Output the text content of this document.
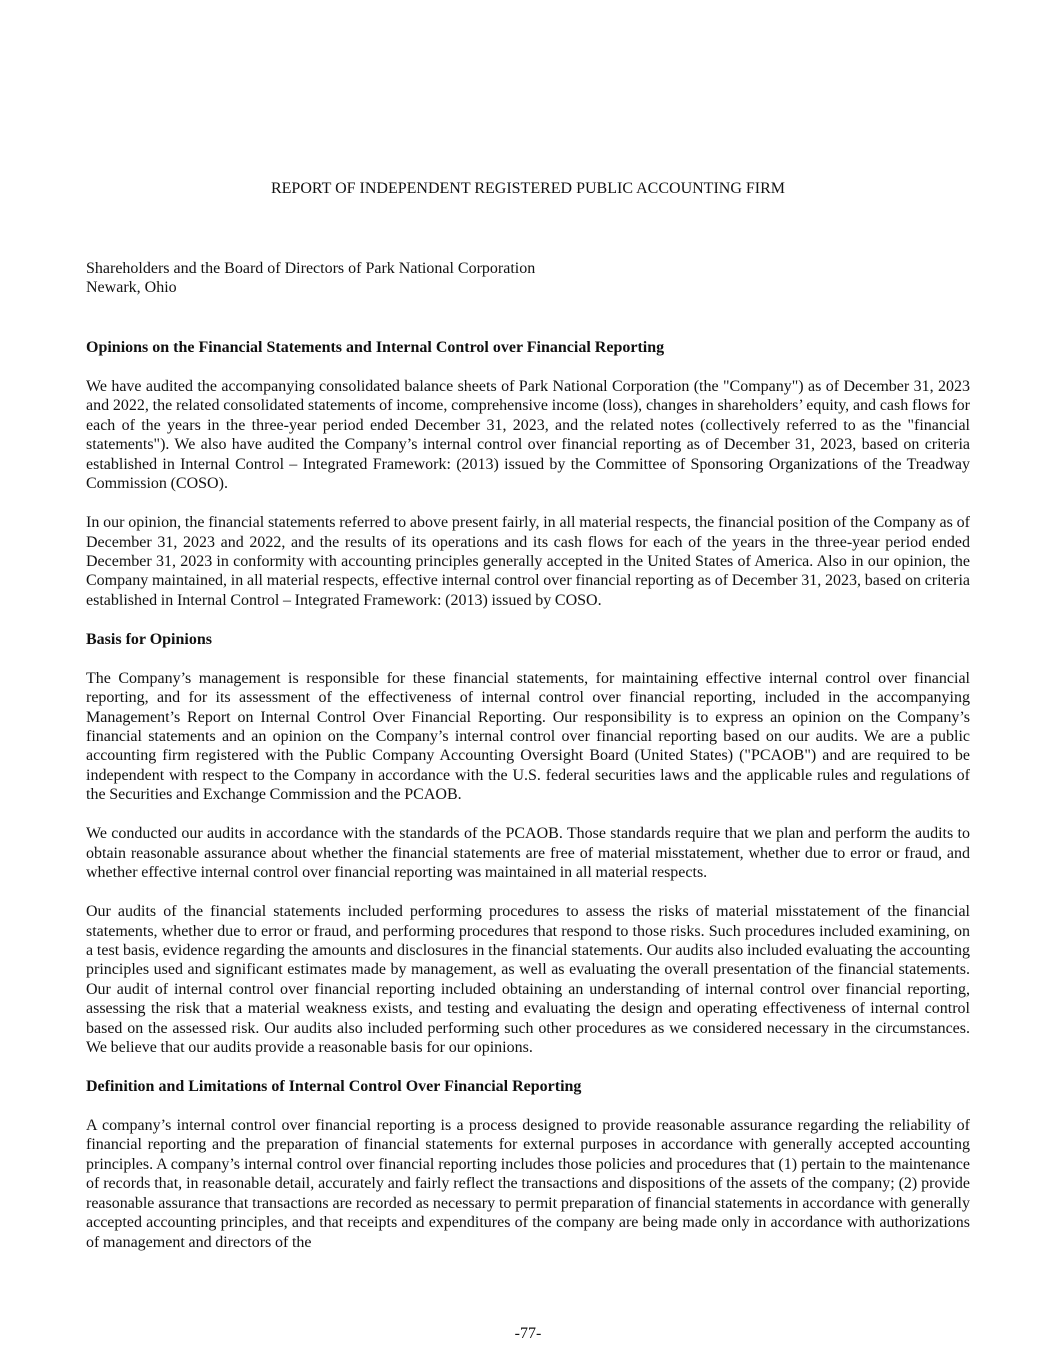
REPORT OF INDEPENDENT REGISTERED PUBLIC ACCOUNTING FIRM
Shareholders and the Board of Directors of Park National Corporation
Newark, Ohio

Opinions on the Financial Statements and Internal Control over Financial Reporting

We have audited the accompanying consolidated balance sheets of Park National Corporation (the "Company") as of December 31, 2023 and 2022, the related consolidated statements of income, comprehensive income (loss), changes in shareholders’ equity, and cash flows for each of the years in the three-year period ended December 31, 2023, and the related notes (collectively referred to as the "financial statements"). We also have audited the Company’s internal control over financial reporting as of December 31, 2023, based on criteria established in Internal Control – Integrated Framework: (2013) issued by the Committee of Sponsoring Organizations of the Treadway Commission (COSO).

In our opinion, the financial statements referred to above present fairly, in all material respects, the financial position of the Company as of December 31, 2023 and 2022, and the results of its operations and its cash flows for each of the years in the three-year period ended December 31, 2023 in conformity with accounting principles generally accepted in the United States of America. Also in our opinion, the Company maintained, in all material respects, effective internal control over financial reporting as of December 31, 2023, based on criteria established in Internal Control – Integrated Framework: (2013) issued by COSO.

Basis for Opinions

The Company’s management is responsible for these financial statements, for maintaining effective internal control over financial reporting, and for its assessment of the effectiveness of internal control over financial reporting, included in the accompanying Management’s Report on Internal Control Over Financial Reporting. Our responsibility is to express an opinion on the Company’s financial statements and an opinion on the Company’s internal control over financial reporting based on our audits. We are a public accounting firm registered with the Public Company Accounting Oversight Board (United States) ("PCAOB") and are required to be independent with respect to the Company in accordance with the U.S. federal securities laws and the applicable rules and regulations of the Securities and Exchange Commission and the PCAOB.

We conducted our audits in accordance with the standards of the PCAOB. Those standards require that we plan and perform the audits to obtain reasonable assurance about whether the financial statements are free of material misstatement, whether due to error or fraud, and whether effective internal control over financial reporting was maintained in all material respects.

Our audits of the financial statements included performing procedures to assess the risks of material misstatement of the financial statements, whether due to error or fraud, and performing procedures that respond to those risks. Such procedures included examining, on a test basis, evidence regarding the amounts and disclosures in the financial statements. Our audits also included evaluating the accounting principles used and significant estimates made by management, as well as evaluating the overall presentation of the financial statements. Our audit of internal control over financial reporting included obtaining an understanding of internal control over financial reporting, assessing the risk that a material weakness exists, and testing and evaluating the design and operating effectiveness of internal control based on the assessed risk. Our audits also included performing such other procedures as we considered necessary in the circumstances. We believe that our audits provide a reasonable basis for our opinions.

Definition and Limitations of Internal Control Over Financial Reporting

A company’s internal control over financial reporting is a process designed to provide reasonable assurance regarding the reliability of financial reporting and the preparation of financial statements for external purposes in accordance with generally accepted accounting principles. A company’s internal control over financial reporting includes those policies and procedures that (1) pertain to the maintenance of records that, in reasonable detail, accurately and fairly reflect the transactions and dispositions of the assets of the company; (2) provide reasonable assurance that transactions are recorded as necessary to permit preparation of financial statements in accordance with generally accepted accounting principles, and that receipts and expenditures of the company are being made only in accordance with authorizations of management and directors of the

-77-
